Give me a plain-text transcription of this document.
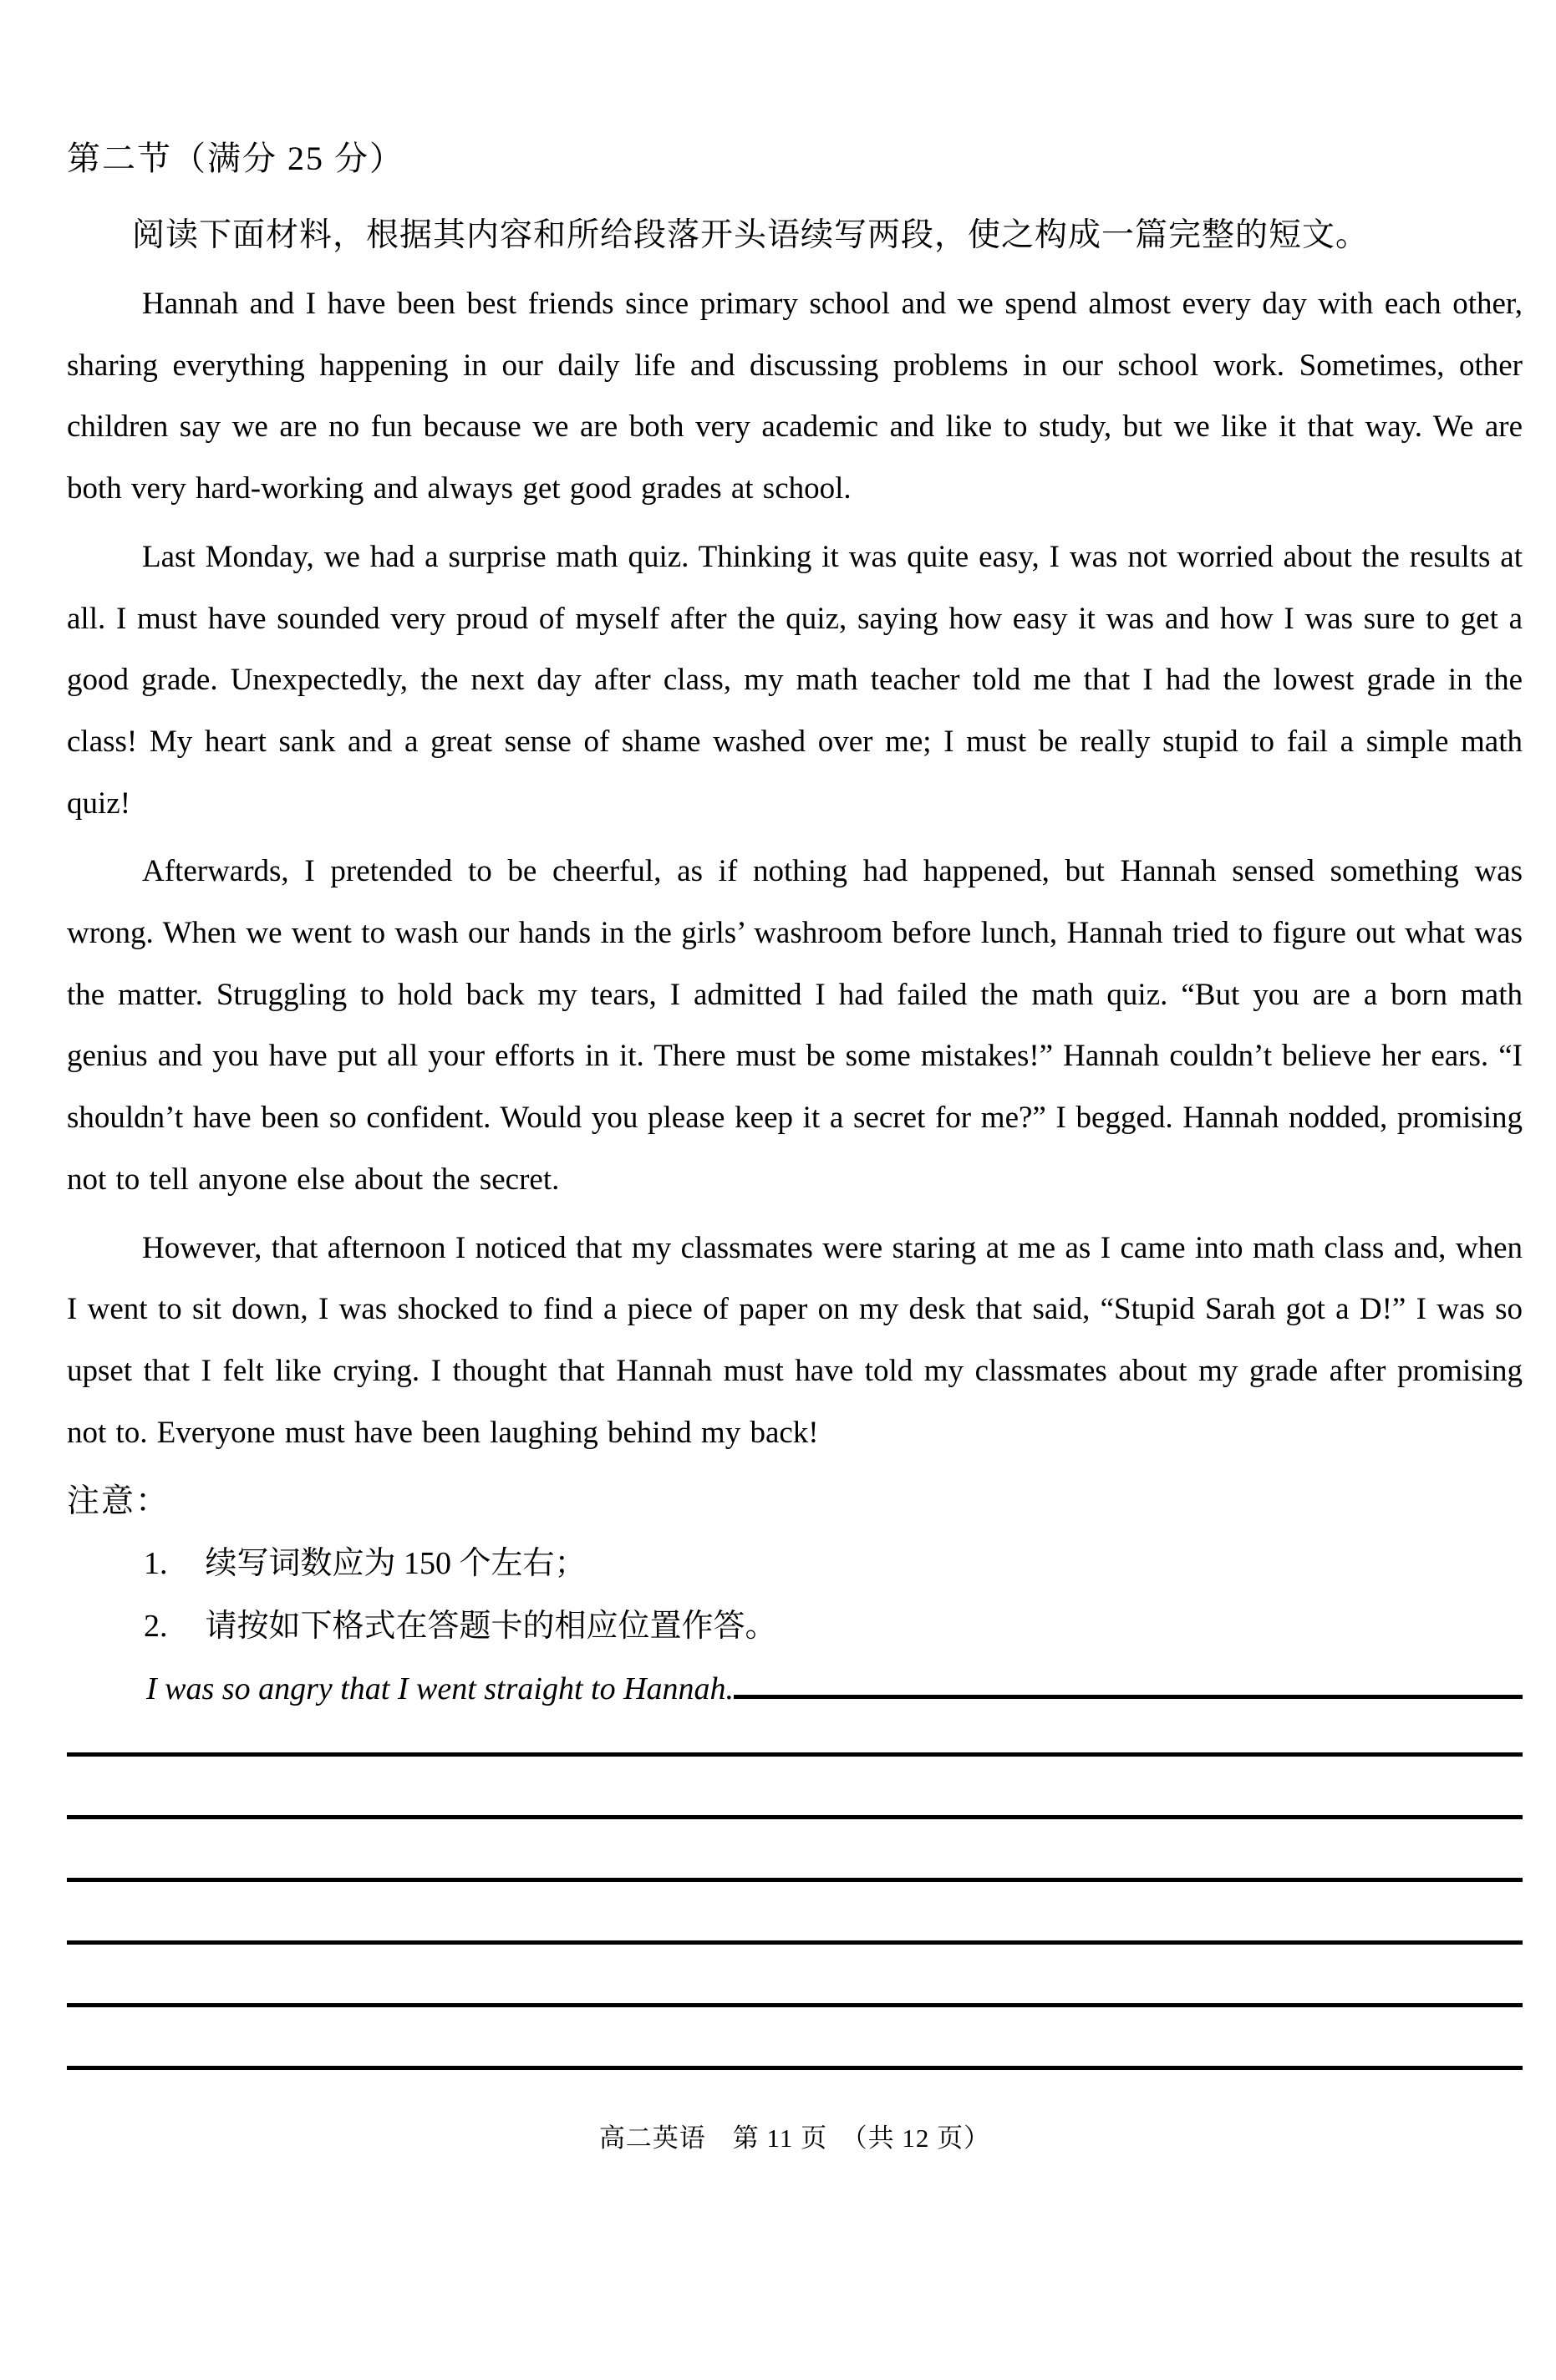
第二节（满分 25 分）

阅读下面材料，根据其内容和所给段落开头语续写两段，使之构成一篇完整的短文。

Hannah and I have been best friends since primary school and we spend almost every day with each other, sharing everything happening in our daily life and discussing problems in our school work. Sometimes, other children say we are no fun because we are both very academic and like to study, but we like it that way. We are both very hard-working and always get good grades at school.

Last Monday, we had a surprise math quiz. Thinking it was quite easy, I was not worried about the results at all. I must have sounded very proud of myself after the quiz, saying how easy it was and how I was sure to get a good grade. Unexpectedly, the next day after class, my math teacher told me that I had the lowest grade in the class! My heart sank and a great sense of shame washed over me; I must be really stupid to fail a simple math quiz!

Afterwards, I pretended to be cheerful, as if nothing had happened, but Hannah sensed something was wrong. When we went to wash our hands in the girls’ washroom before lunch, Hannah tried to figure out what was the matter. Struggling to hold back my tears, I admitted I had failed the math quiz. “But you are a born math genius and you have put all your efforts in it. There must be some mistakes!” Hannah couldn’t believe her ears. “I shouldn’t have been so confident. Would you please keep it a secret for me?” I begged. Hannah nodded, promising not to tell anyone else about the secret.

However, that afternoon I noticed that my classmates were staring at me as I came into math class and, when I went to sit down, I was shocked to find a piece of paper on my desk that said, “Stupid Sarah got a D!” I was so upset that I felt like crying. I thought that Hannah must have told my classmates about my grade after promising not to. Everyone must have been laughing behind my back!

注意：
1. 续写词数应为 150 个左右；
2. 请按如下格式在答题卡的相应位置作答。
I was so angry that I went straight to Hannah.
高二英语　第 11 页　（共 12 页）
